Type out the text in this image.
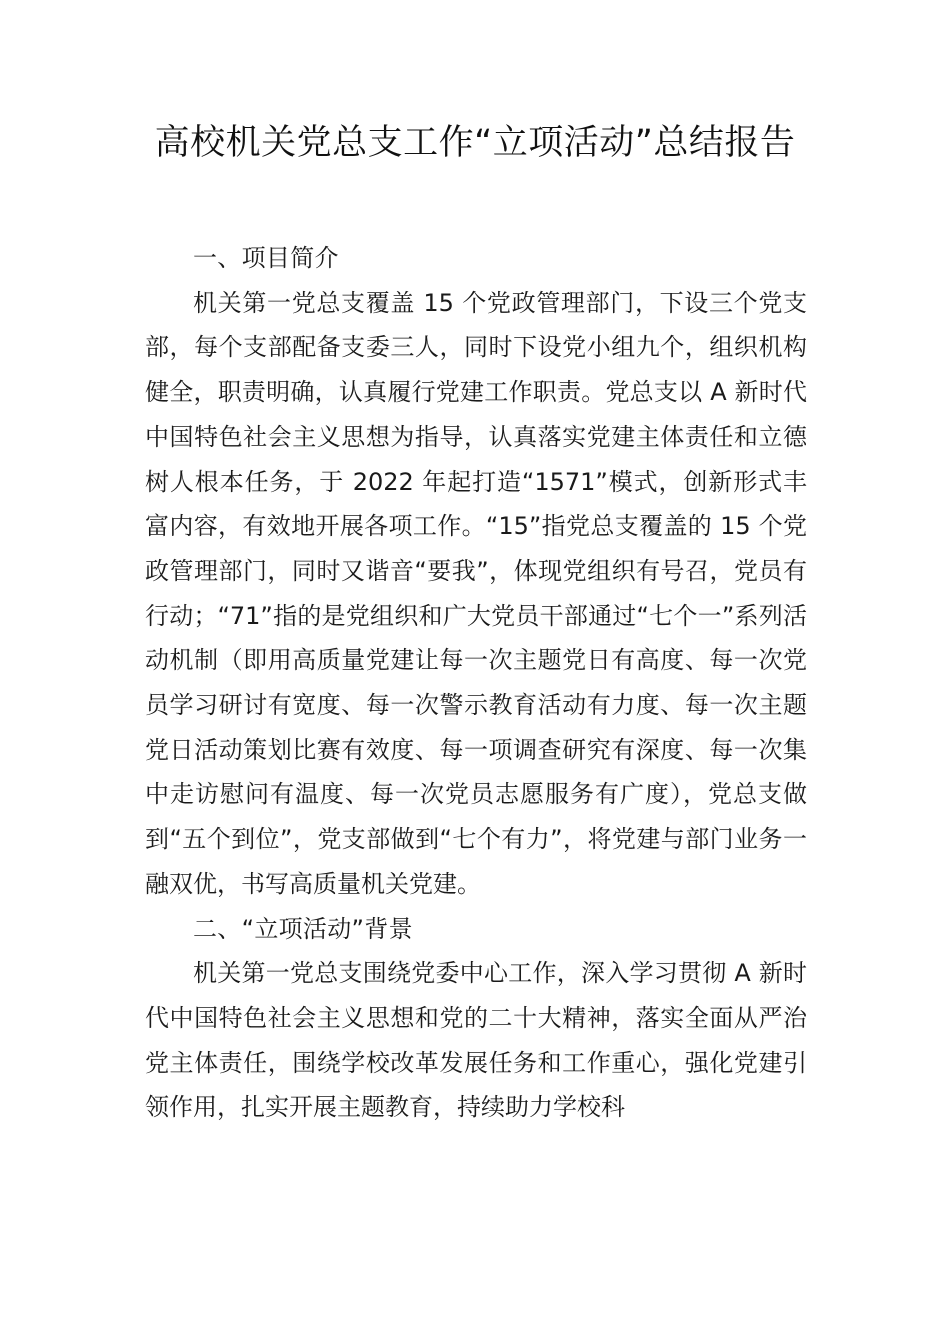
高校机关党总支工作“立项活动”总结报告

一、项目简介

机关第一党总支覆盖 15 个党政管理部门，下设三个党支部，每个支部配备支委三人，同时下设党小组九个，组织机构健全，职责明确，认真履行党建工作职责。党总支以 A 新时代中国特色社会主义思想为指导，认真落实党建主体责任和立德树人根本任务，于 2022 年起打造“1571”模式，创新形式丰富内容，有效地开展各项工作。“15”指党总支覆盖的 15 个党政管理部门，同时又谐音“要我”，体现党组织有号召，党员有行动；“71”指的是党组织和广大党员干部通过“七个一”系列活动机制（即用高质量党建让每一次主题党日有高度、每一次党员学习研讨有宽度、每一次警示教育活动有力度、每一次主题党日活动策划比赛有效度、每一项调查研究有深度、每一次集中走访慰问有温度、每一次党员志愿服务有广度），党总支做到“五个到位”，党支部做到“七个有力”，将党建与部门业务一融双优，书写高质量机关党建。

二、“立项活动”背景

机关第一党总支围绕党委中心工作，深入学习贯彻 A 新时代中国特色社会主义思想和党的二十大精神，落实全面从严治党主体责任，围绕学校改革发展任务和工作重心，强化党建引领作用，扎实开展主题教育，持续助力学校科
